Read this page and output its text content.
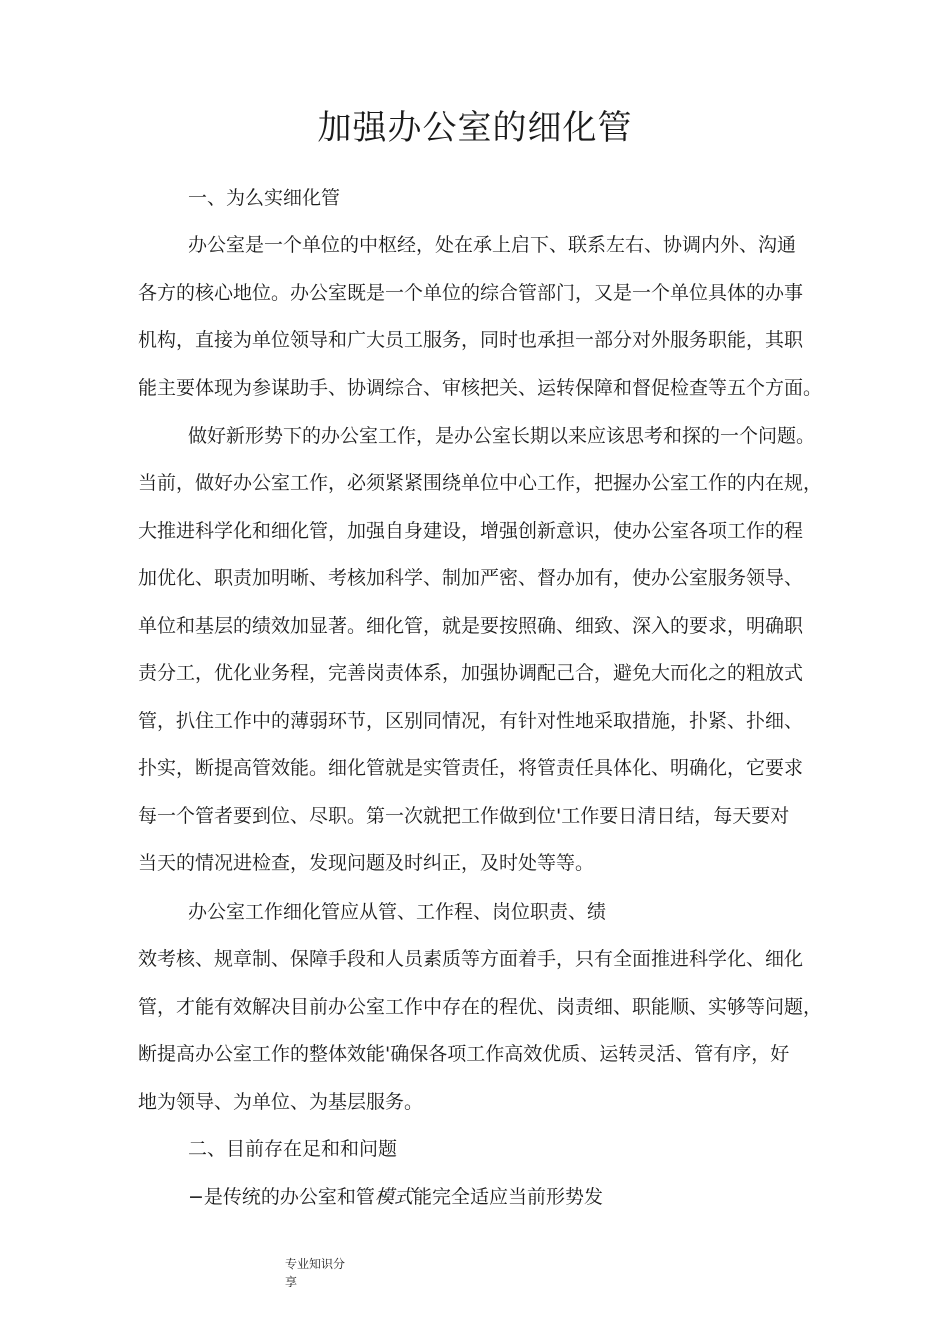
加强办公室的细化管
一、为么实细化管
办公室是一个单位的中枢经，处在承上启下、联系左右、协调内外、沟通
各方的核心地位。办公室既是一个单位的综合管部门，又是一个单位具体的办事
机构，直接为单位领导和广大员工服务，同时也承担一部分对外服务职能，其职
能主要体现为参谋助手、协调综合、审核把关、运转保障和督促检查等五个方面。
做好新形势下的办公室工作，是办公室长期以来应该思考和探的一个问题。
当前，做好办公室工作，必须紧紧围绕单位中心工作，把握办公室工作的内在规，
大推进科学化和细化管，加强自身建设，增强创新意识，使办公室各项工作的程
加优化、职责加明晰、考核加科学、制加严密、督办加有，使办公室服务领导、
单位和基层的绩效加显著。细化管，就是要按照确、细致、深入的要求，明确职
责分工，优化业务程，完善岗责体系，加强协调配己合，避免大而化之的粗放式
管，扒住工作中的薄弱环节，区别同情况，有针对性地采取措施，扑紧、扑细、
扑实，断提高管效能。细化管就是实管责任，将管责任具体化、明确化，它要求
每一个管者要到位、尽职。第一次就把工作做到位'工作要日清日结，每天要对
当天的情况进检查，发现问题及时纠正，及时处等等。
办公室工作细化管应从管、工作程、岗位职责、绩
效考核、规章制、保障手段和人员素质等方面着手，只有全面推进科学化、细化
管，才能有效解决目前办公室工作中存在的程优、岗责细、职能顺、实够等问题，
断提高办公室工作的整体效能'确保各项工作高效优质、运转灵活、管有序，好
地为领导、为单位、为基层服务。
二、目前存在足和和问题
−是传统的办公室和管模式能完全适应当前形势发
专业知识分
享
